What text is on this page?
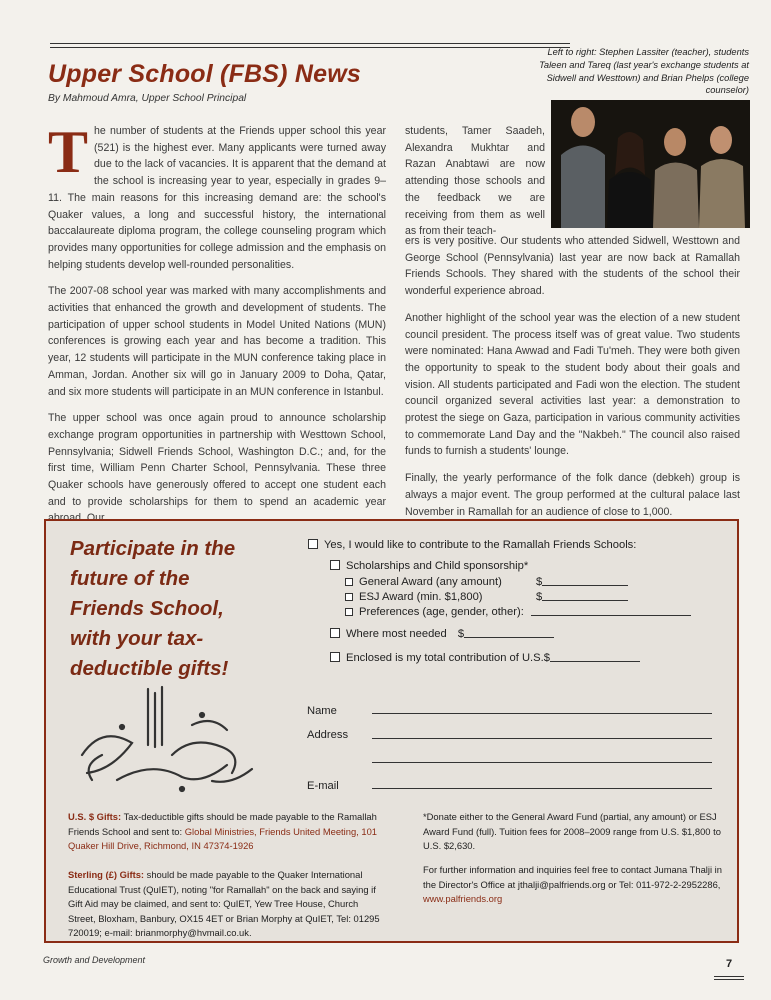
Left to right: Stephen Lassiter (teacher), students Taleen and Tareq (last year's exchange students at Sidwell and Westtown) and Brian Phelps (college counselor)
Upper School (FBS) News
By Mahmoud Amra, Upper School Principal

The number of students at the Friends upper school this year (521) is the highest ever. Many applicants were turned away due to the lack of vacancies. It is apparent that the demand at the school is increasing year to year, especially in grades 9–11. The main reasons for this increasing demand are: the school's Quaker values, a long and successful history, the international baccalaureate diploma program, the college counseling program which provides many opportunities for college admission and the emphasis on helping students develop well-rounded personalities.

The 2007-08 school year was marked with many accomplishments and activities that enhanced the growth and development of students. The participation of upper school students in Model United Nations (MUN) conferences is growing each year and has become a tradition. This year, 12 students will participate in the MUN conference taking place in Amman, Jordan. Another six will go in January 2009 to Doha, Qatar, and six more students will participate in an MUN conference in Istanbul.

The upper school was once again proud to announce scholarship exchange program opportunities in partnership with Westtown School, Pennsylvania; Sidwell Friends School, Washington D.C.; and, for the first time, William Penn Charter School, Pennsylvania. These three Quaker schools have generously offered to accept one student each and to provide scholarships for them to spend an academic year

students, Tamer Saadeh, Alexandra Mukhtar and Razan Anabtawi are now attending those schools and the feedback we are receiving from them as well as from their teach-

ers is very positive. Our students who attended Sidwell, Westtown and George School (Pennsylvania) last year are now back at Ramallah Friends Schools. They shared with the students of the school their wonderful experience abroad.

Another highlight of the school year was the election of a new student council president. The process itself was of great value. Two students were nominated: Hana Awwad and Fadi Tu'meh. They were both given the opportunity to speak to the student body about their goals and vision. All students participated and Fadi won the election. The student council organized several activities last year: a demonstration to protest the siege on Gaza, participation in various community activities to commemorate Land Day and the "Nakbeh." The council also raised funds to furnish a students' lounge.

Finally, the yearly performance of the folk dance (debkeh) group is always a major event. The group performed at the cultural palace last November in Ramallah for an audience of close to 1,000.

Participate in the
future of the
Friends School,
with your tax-
deductible gifts!
Yes, I would like to contribute to the Ramallah Friends Schools:
Scholarships and Child sponsorship*
General Award (any amount)	$
ESJ Award (min. $1,800)	$
Preferences (age, gender, other):
Where most needed $
Enclosed is my total contribution of U.S.$
Name
Address
E-mail
U.S. $ Gifts: Tax-deductible gifts should be made payable to the Ramallah Friends School and sent to: Global Ministries, Friends United Meeting, 101 Quaker Hill Drive, Richmond, IN 47374-1926
Sterling (£) Gifts: should be made payable to the Quaker International Educational Trust (QuIET), noting "for Ramallah" on the back and saying if Gift Aid may be claimed, and sent to: QuIET, Yew Tree House, Church Street, Bloxham, Banbury, OX15 4ET or Brian Morphy at QuIET, Tel: 01295 720019; e-mail: brianmorphy@hvmail.co.uk.
*Donate either to the General Award Fund (partial, any amount) or ESJ Award Fund (full). Tuition fees for 2008–2009 range from U.S. $1,800 to U.S. $2,630.
For further information and inquiries feel free to contact Jumana Thalji in the Director's Office at jthalji@palfriends.org or Tel: 011-972-2-2952286, www.palfriends.org
Growth and Development	7
